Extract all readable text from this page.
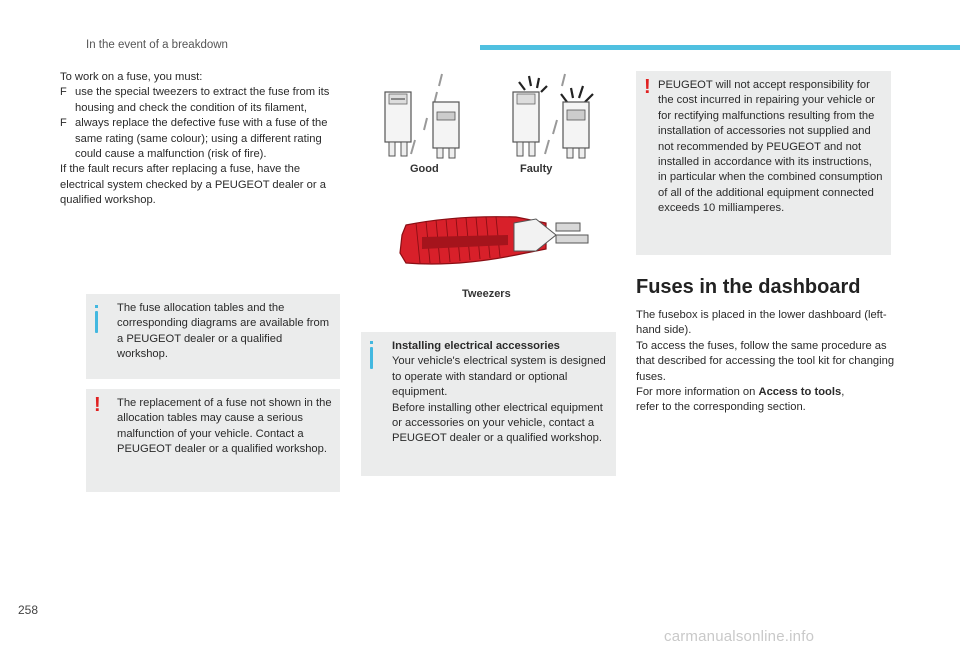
In the event of a breakdown

To work on a fuse, you must:

F use the special tweezers to extract the fuse from its housing and check the condition of its filament,

F always replace the defective fuse with a fuse of the same rating (same colour); using a different rating could cause a malfunction (risk of fire).

If the fault recurs after replacing a fuse, have the electrical system checked by a PEUGEOT dealer or a qualified workshop.

The fuse allocation tables and the corresponding diagrams are available from a PEUGEOT dealer or a qualified workshop.

! The replacement of a fuse not shown in the allocation tables may cause a serious malfunction of your vehicle. Contact a PEUGEOT dealer or a qualified workshop.

Good	Faulty
Tweezers

Installing electrical accessories

Your vehicle's electrical system is designed to operate with standard or optional equipment.

Before installing other electrical equipment or accessories on your vehicle, contact a PEUGEOT dealer or a qualified workshop.

! PEUGEOT will not accept responsibility for the cost incurred in repairing your vehicle or for rectifying malfunctions resulting from the installation of accessories not supplied and not recommended by PEUGEOT and not installed in accordance with its instructions, in particular when the combined consumption of all of the additional equipment connected exceeds 10 milliamperes.

Fuses in the dashboard

The fusebox is placed in the lower dashboard (left-hand side).

To access the fuses, follow the same procedure as that described for accessing the tool kit for changing fuses.

For more information on Access to tools,

refer to the corresponding section.

258
carmanualsonline.info
